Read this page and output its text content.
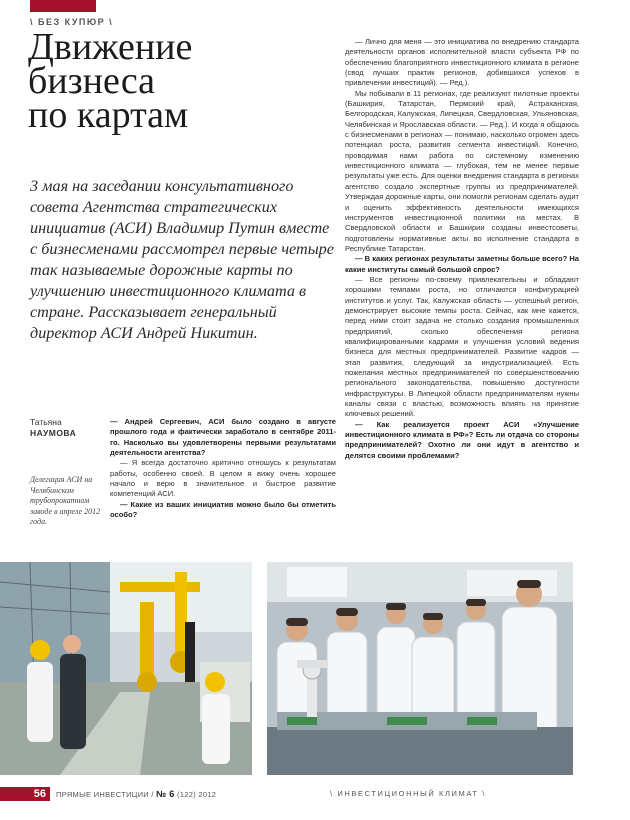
\ БЕЗ КУПЮР \
Движение
бизнеса
по картам
3 мая на заседании консультативного совета Агентства стратегических инициатив (АСИ) Владимир Путин вместе с бизнесменами рассмотрел первые четыре так называемые дорожные карты по улучшению инвестиционного климата в стране. Рассказывает генеральный директор АСИ Андрей Никитин.
Татьяна
НАУМОВА
Делегация АСИ на Челябинском трубопрокатном заводе в апреле 2012 года.

— Андрей Сергеевич, АСИ было создано в августе прошлого года и фактически заработало в сентябре 2011-го. Насколько вы удовлетворены первыми результатами деятельности агентства?

— Я всегда достаточно критично отношусь к результатам работы, особенно своей. В целом я вижу очень хорошее начало и верю в значительное и быстрое развитие компетенций АСИ.

— Какие из ваших инициатив можно было бы отметить особо?

— Лично для меня — это инициатива по внедрению стандарта деятельности органов исполнительной власти субъекта РФ по обеспечению благоприятного инвестиционного климата в регионе (свод лучших практик регионов, добившихся успехов в привлечении инвестиций). — Ред.).

Мы побывали в 11 регионах, где реализуют пилотные проекты (Башкирия, Татарстан, Пермский край, Астраханская, Белгородская, Калужская, Липецкая, Свердловская, Ульяновская, Челябинская и Ярославская области. — Ред.). И когда я общаюсь с бизнесменами в регионах — понимаю, насколько огромен здесь потенциал роста, развития сегмента инвестиций. Конечно, проводимая нами работа по системному изменению инвестиционного климата — глубокая, тем не менее первые результаты уже есть. Для оценки внедрения стандарта в регионах агентство создало экспертные группы из предпринимателей. Утверждая дорожные карты, они помогли регионам сделать аудит и оценить эффективность деятельности имеющихся инструментов инвестиционной политики на местах. В Свердловской области и Башкирии созданы инвестсоветы, подготовлены нормативные акты во исполнение стандарта в Республике Татарстан.

— В каких регионах результаты заметны больше всего? На какие институты самый большой спрос?

— Все регионы по-своему привлекательны и обладают хорошими темпами роста, но отличаются конфигурацией институтов и услуг. Так, Калужская область — успешный регион, демонстрирует высокие темпы роста. Сейчас, как мне кажется, перед ними стоит задача не столько создания промышленных предприятий, сколько обеспечения региона квалифицированными кадрами и улучшения условий ведения бизнеса для местных предпринимателей. Развитие кадров — этап развития, следующий за индустриализацией. Есть пожелания местных предпринимателей по совершенствованию регионального законодательства, повышению доступности инфраструктуры. В Липецкой области предпринимателям нужны каналы связи с властью, возможность влиять на принятие ключевых решений.

— Как реализуется проект АСИ «Улучшение инвестиционного климата в РФ»? Есть ли отдача со стороны предпринимателей? Охотно ли они идут в агентство и делятся своими проблемами?

56	ПРЯМЫЕ ИНВЕСТИЦИИ / № 6 (122) 2012	\ ИНВЕСТИЦИОННЫЙ КЛИМАТ \
